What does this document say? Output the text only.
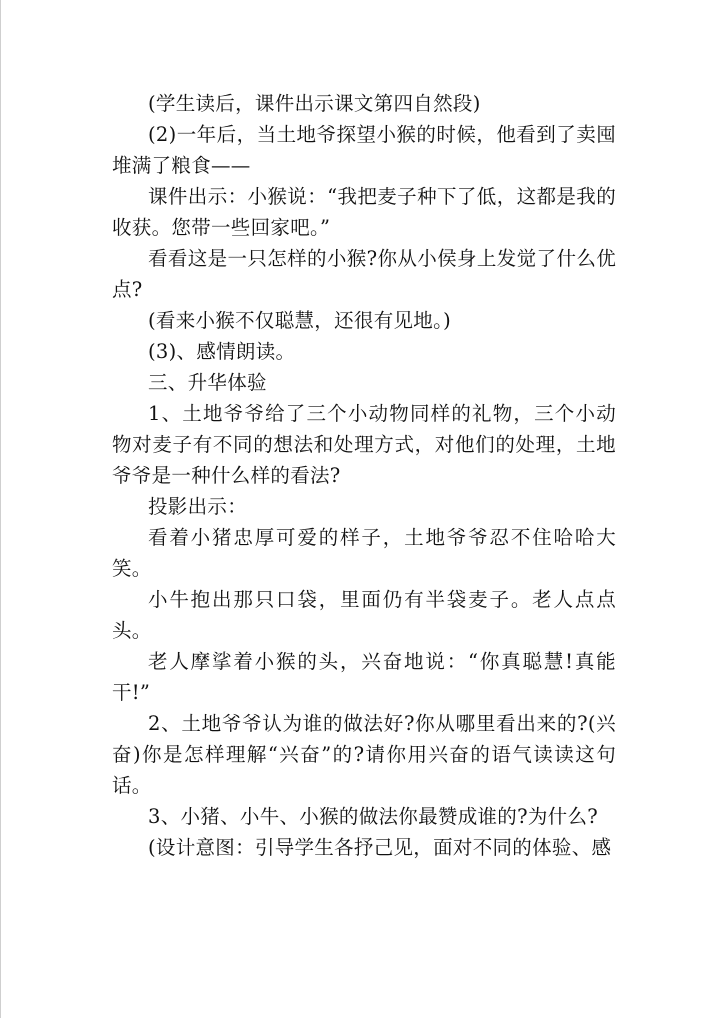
(学生读后，课件出示课文第四自然段)

(2)一年后，当土地爷探望小猴的时候，他看到了卖囤堆满了粮食——

课件出示：小猴说：“我把麦子种下了低，这都是我的收获。您带一些回家吧。”

看看这是一只怎样的小猴?你从小侯身上发觉了什么优点?

(看来小猴不仅聪慧，还很有见地。)

(3)、感情朗读。

三、升华体验

1、土地爷爷给了三个小动物同样的礼物，三个小动物对麦子有不同的想法和处理方式，对他们的处理，土地爷爷是一种什么样的看法?

投影出示：

看着小猪忠厚可爱的样子，土地爷爷忍不住哈哈大笑。

小牛抱出那只口袋，里面仍有半袋麦子。老人点点头。

老人摩挲着小猴的头，兴奋地说：“你真聪慧!真能干!”

2、土地爷爷认为谁的做法好?你从哪里看出来的?(兴奋)你是怎样理解“兴奋”的?请你用兴奋的语气读读这句话。

3、小猪、小牛、小猴的做法你最赞成谁的?为什么?

(设计意图：引导学生各抒己见，面对不同的体验、感
